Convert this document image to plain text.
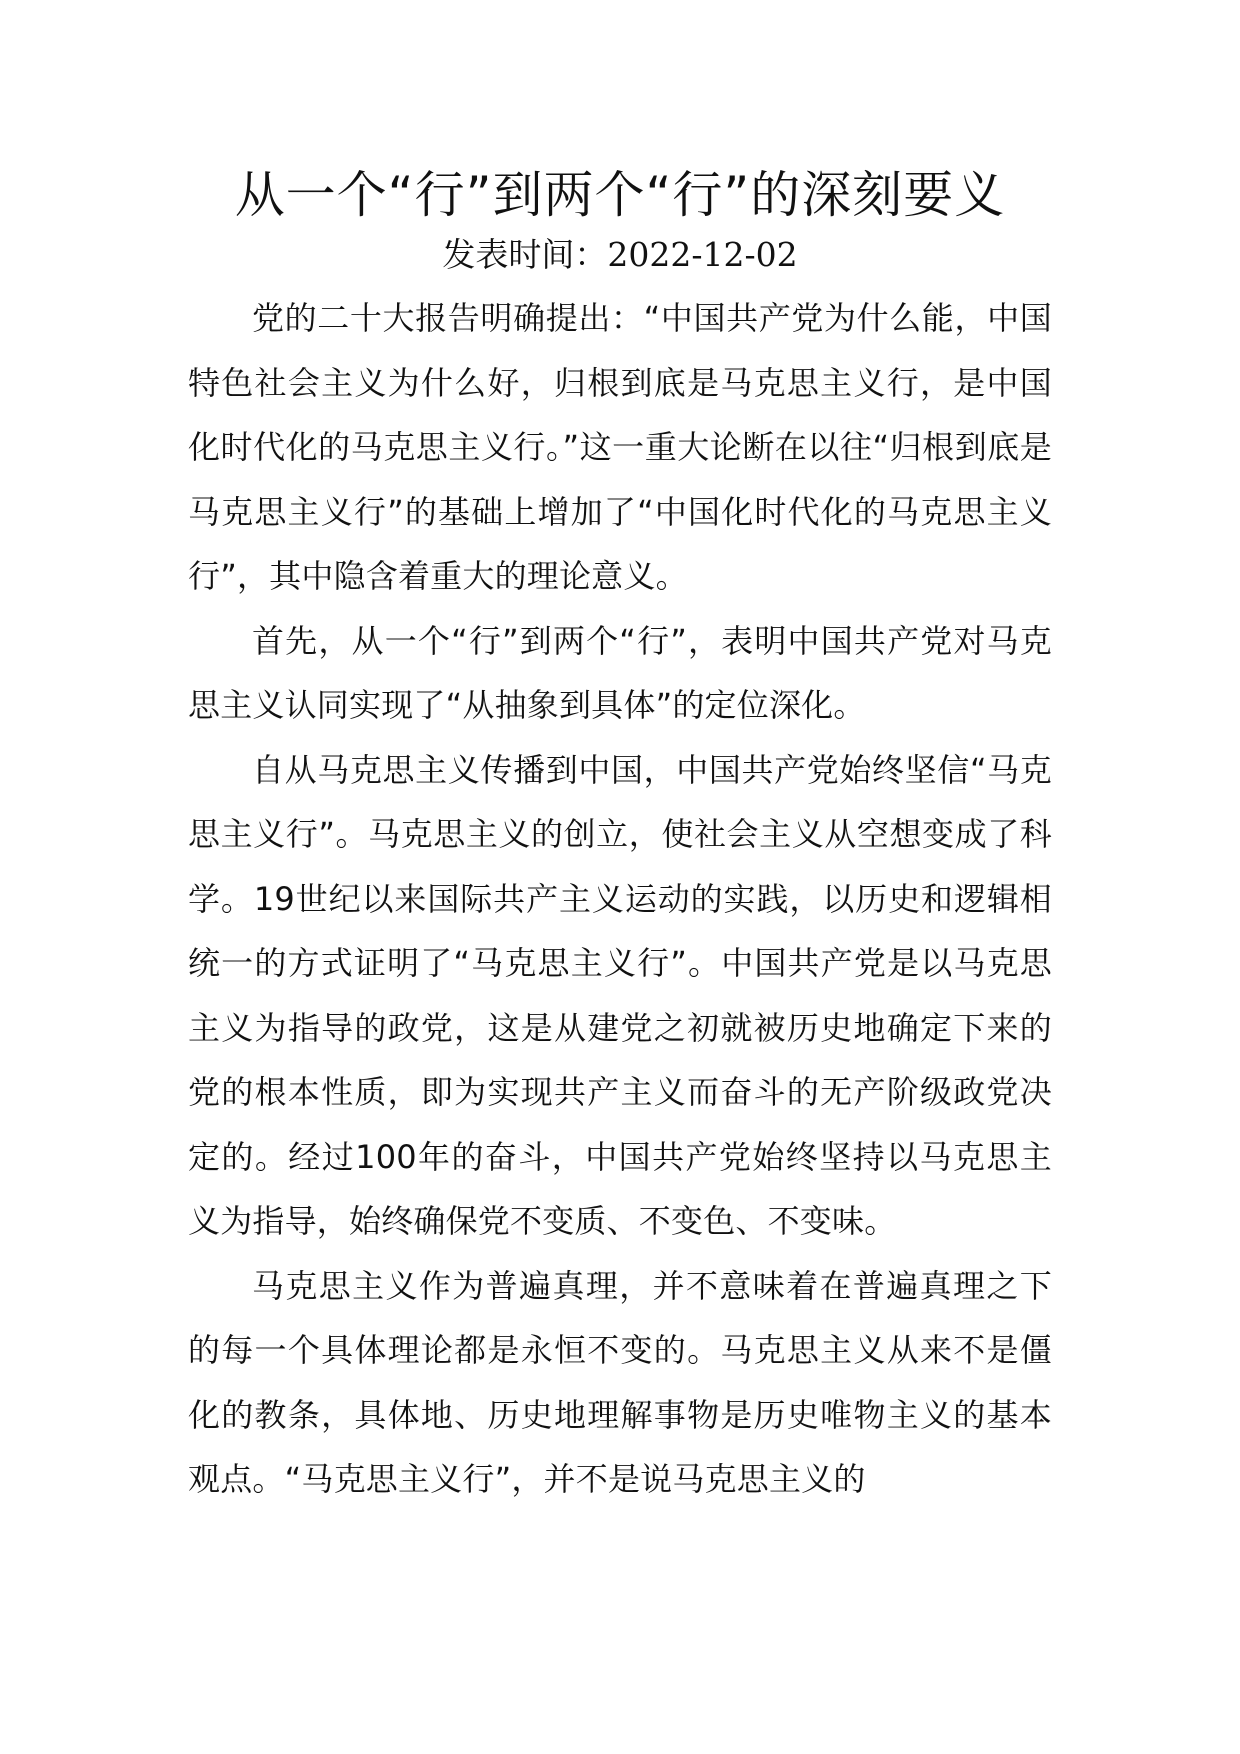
从一个“行”到两个“行”的深刻要义
发表时间：2022-12-02

党的二十大报告明确提出：“中国共产党为什么能，中国特色社会主义为什么好，归根到底是马克思主义行，是中国化时代化的马克思主义行。”这一重大论断在以往“归根到底是马克思主义行”的基础上增加了“中国化时代化的马克思主义行”，其中隐含着重大的理论意义。

首先，从一个“行”到两个“行”，表明中国共产党对马克思主义认同实现了“从抽象到具体”的定位深化。

自从马克思主义传播到中国，中国共产党始终坚信“马克思主义行”。马克思主义的创立，使社会主义从空想变成了科学。19世纪以来国际共产主义运动的实践，以历史和逻辑相统一的方式证明了“马克思主义行”。中国共产党是以马克思主义为指导的政党，这是从建党之初就被历史地确定下来的党的根本性质，即为实现共产主义而奋斗的无产阶级政党决定的。经过100年的奋斗，中国共产党始终坚持以马克思主义为指导，始终确保党不变质、不变色、不变味。

马克思主义作为普遍真理，并不意味着在普遍真理之下的每一个具体理论都是永恒不变的。马克思主义从来不是僵化的教条，具体地、历史地理解事物是历史唯物主义的基本观点。“马克思主义行”，并不是说马克思主义的
